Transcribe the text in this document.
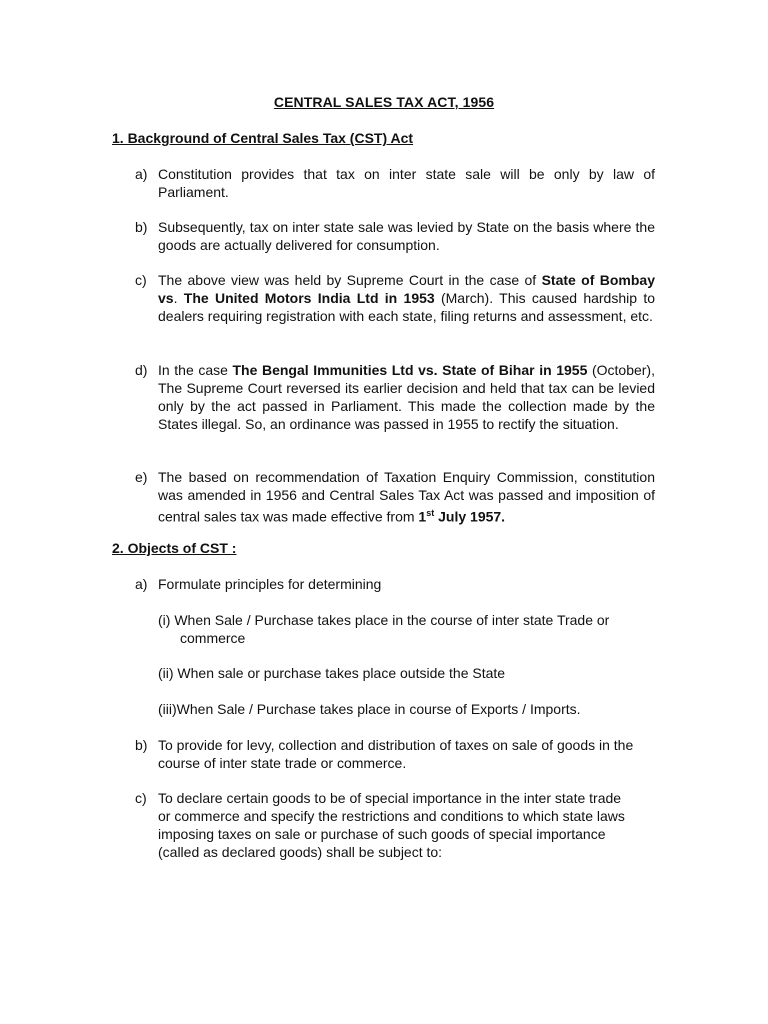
CENTRAL SALES TAX ACT, 1956
1. Background of Central Sales Tax (CST) Act
a) Constitution provides that tax on inter state sale will be only by law of Parliament.
b) Subsequently, tax on inter state sale was levied by State on the basis where the goods are actually delivered for consumption.
c) The above view was held by Supreme Court in the case of State of Bombay vs. The United Motors India Ltd in 1953 (March). This caused hardship to dealers requiring registration with each state, filing returns and assessment, etc.
d) In the case The Bengal Immunities Ltd vs. State of Bihar in 1955 (October), The Supreme Court reversed its earlier decision and held that tax can be levied only by the act passed in Parliament. This made the collection made by the States illegal. So, an ordinance was passed in 1955 to rectify the situation.
e) The based on recommendation of Taxation Enquiry Commission, constitution was amended in 1956 and Central Sales Tax Act was passed and imposition of central sales tax was made effective from 1st July 1957.
2. Objects of CST :
a) Formulate principles for determining
(i) When Sale / Purchase takes place in the course of inter state Trade or
commerce
(ii) When sale or purchase takes place outside the State
(iii)When Sale / Purchase takes place in course of Exports / Imports.
b) To provide for levy, collection and distribution of taxes on sale of goods in the course of inter state trade or commerce.
c) To declare certain goods to be of special importance in the inter state trade or commerce and specify the restrictions and conditions to which state laws imposing taxes on sale or purchase of such goods of special importance (called as declared goods) shall be subject to:
